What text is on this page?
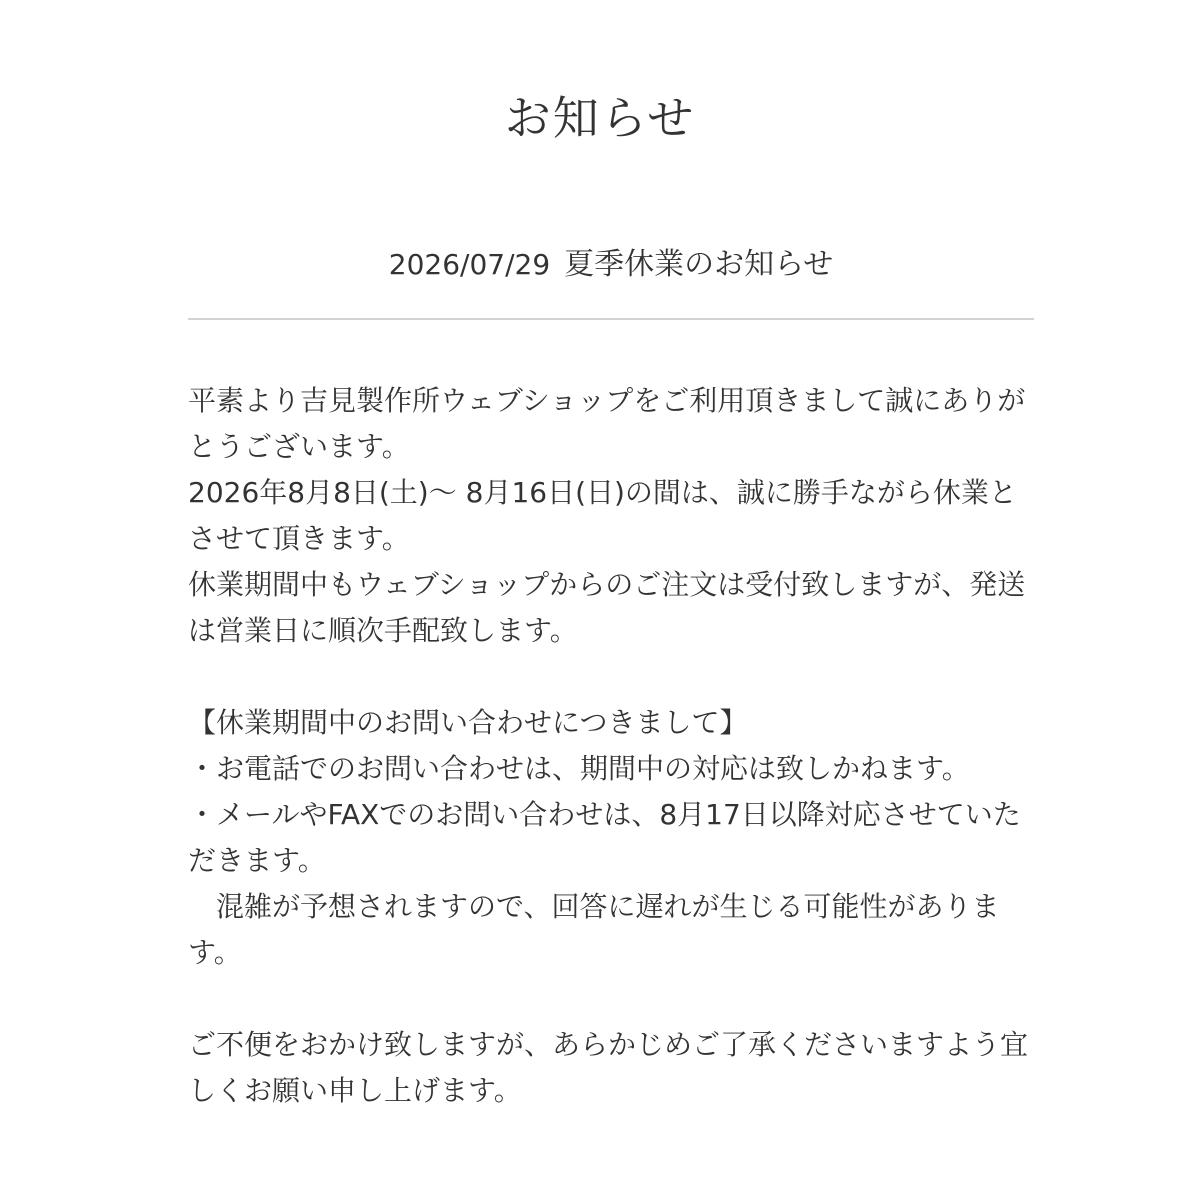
お知らせ
2026/07/29 夏季休業のお知らせ

平素より吉見製作所ウェブショップをご利用頂きまして誠にありがとうございます。

2026年8月8日(土)〜 8月16日(日)の間は、誠に勝手ながら休業とさせて頂きます。

休業期間中もウェブショップからのご注文は受付致しますが、発送は営業日に順次手配致します。

【休業期間中のお問い合わせにつきまして】

・お電話でのお問い合わせは、期間中の対応は致しかねます。

・メールやFAXでのお問い合わせは、8月17日以降対応させていただきます。

　混雑が予想されますので、回答に遅れが生じる可能性があります。

ご不便をおかけ致しますが、あらかじめご了承くださいますよう宜しくお願い申し上げます。
